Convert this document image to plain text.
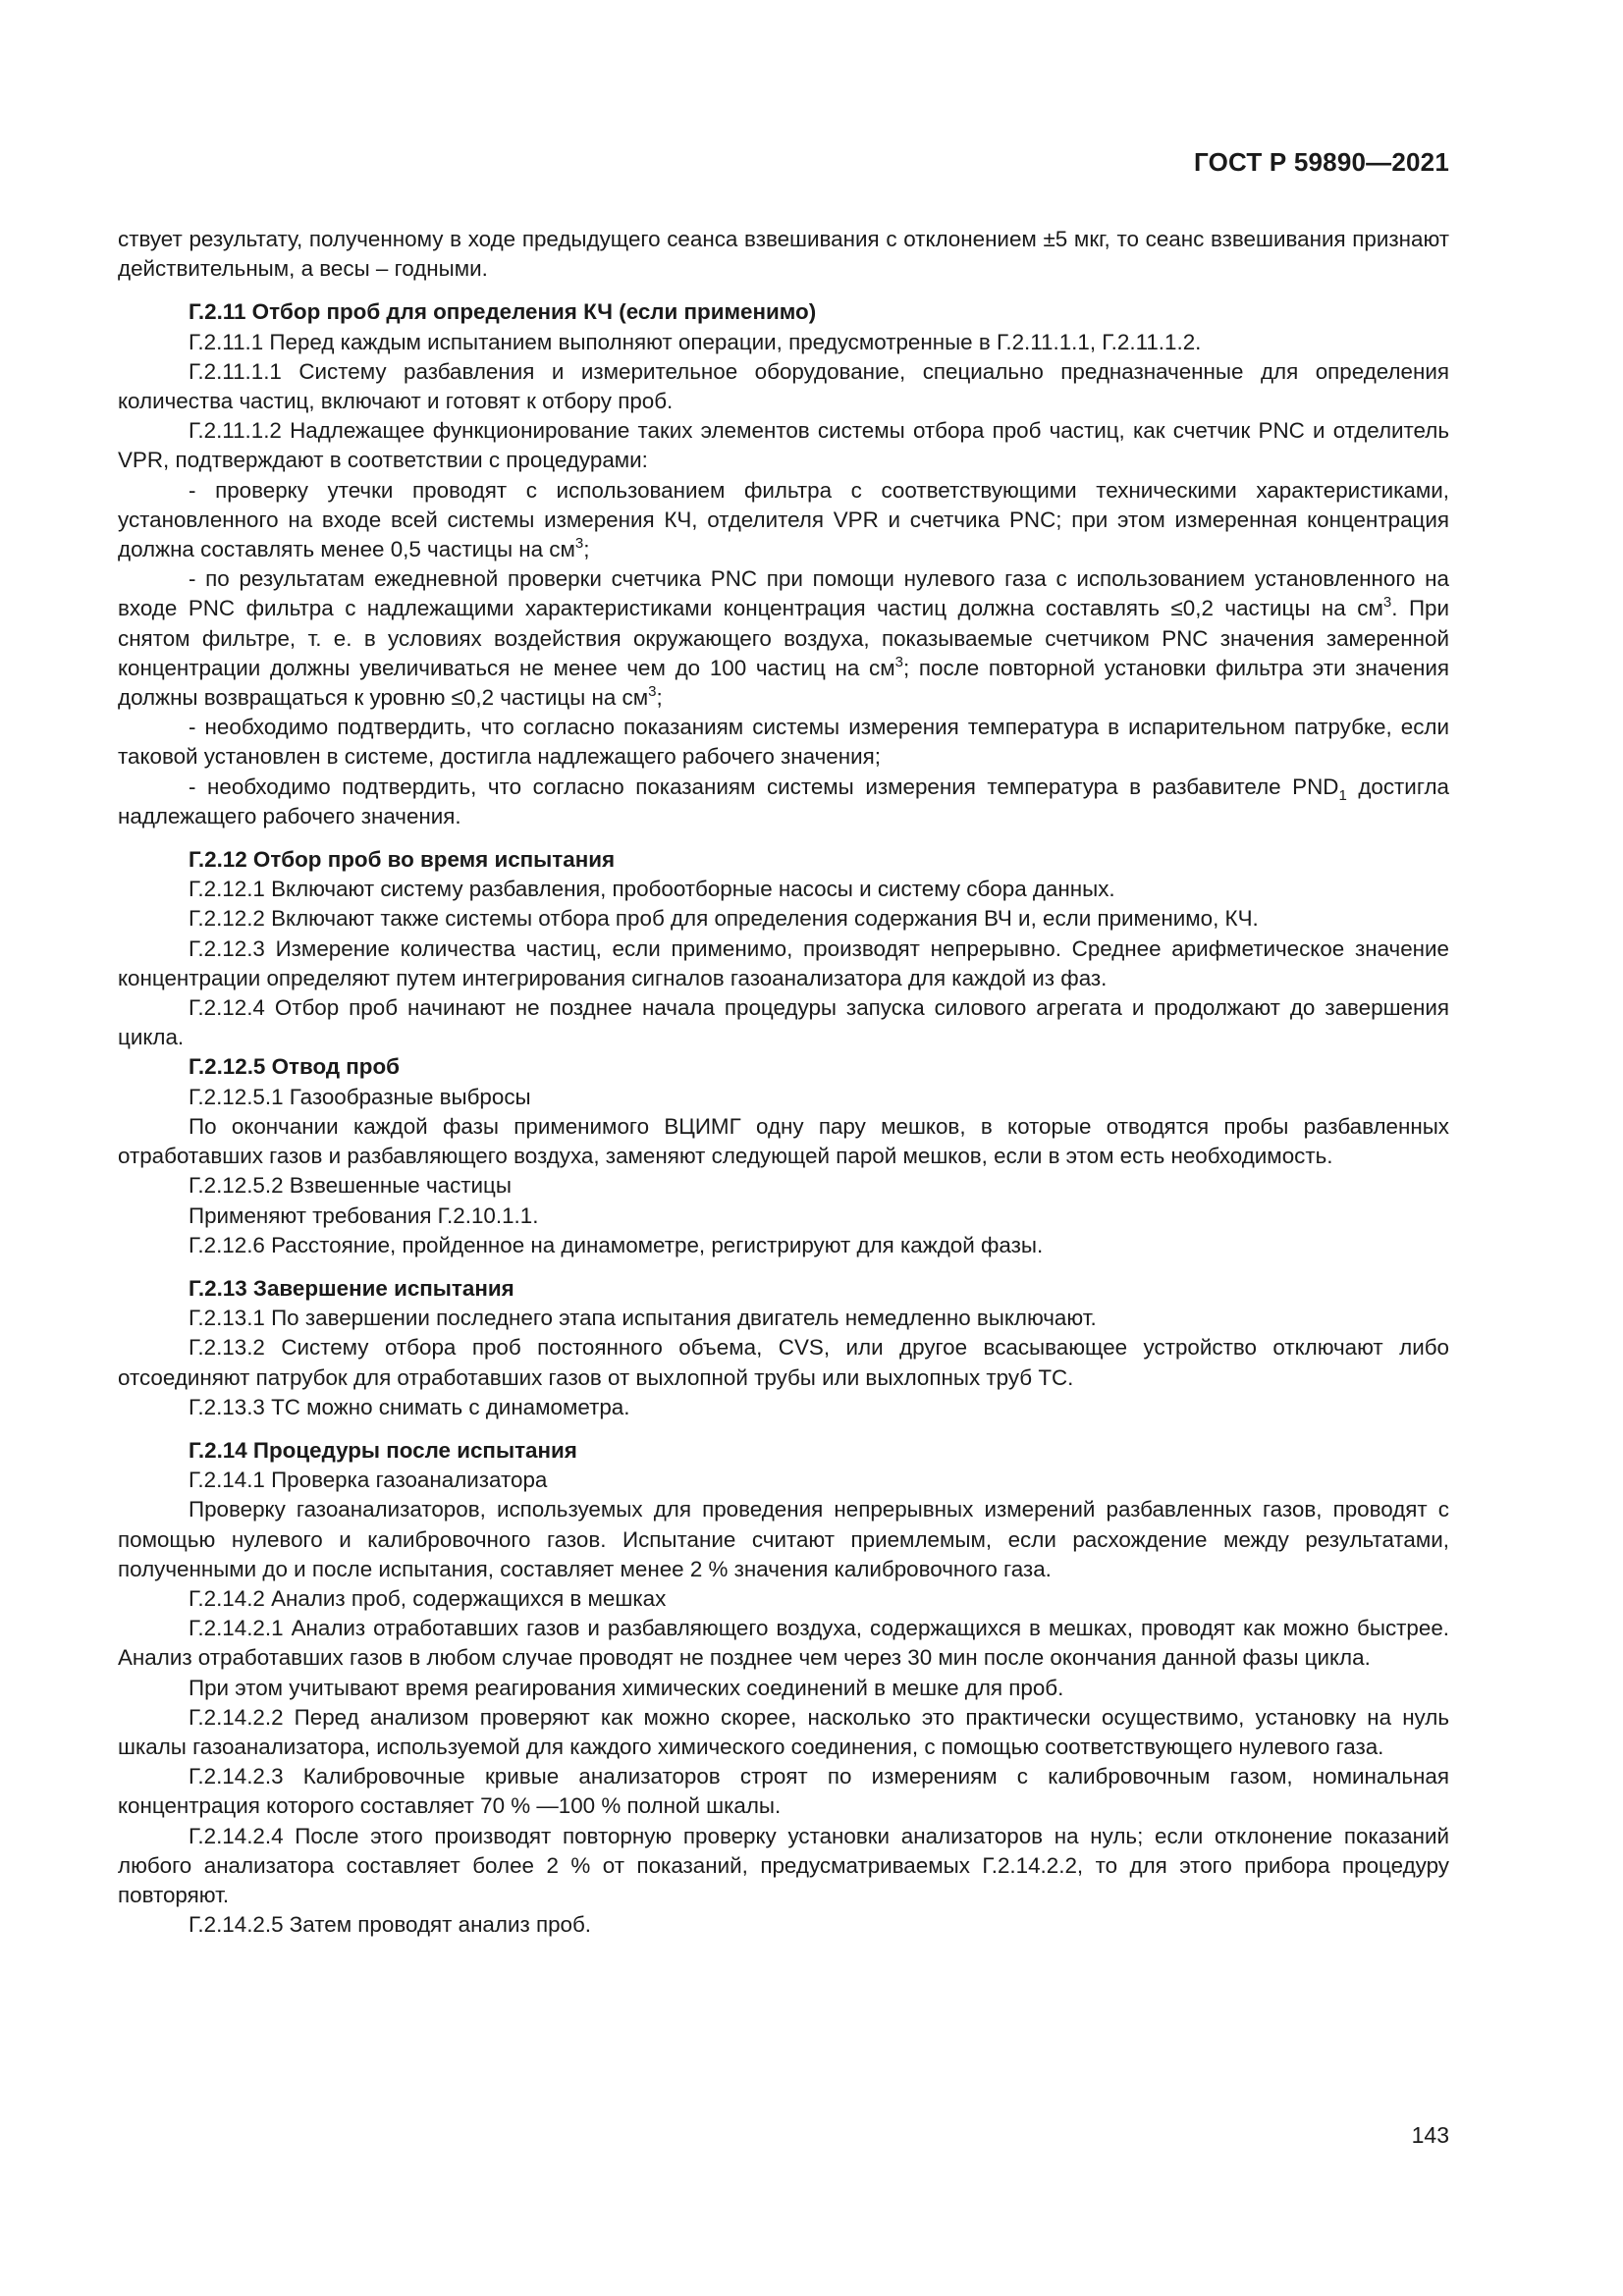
ГОСТ Р 59890—2021

ствует результату, полученному в ходе предыдущего сеанса взвешивания с отклонением ±5 мкг, то сеанс взвешивания признают действительным, а весы – годными.

Г.2.11 Отбор проб для определения КЧ (если применимо)

Г.2.11.1 Перед каждым испытанием выполняют операции, предусмотренные в Г.2.11.1.1, Г.2.11.1.2.

Г.2.11.1.1 Систему разбавления и измерительное оборудование, специально предназначенные для определения количества частиц, включают и готовят к отбору проб.

Г.2.11.1.2 Надлежащее функционирование таких элементов системы отбора проб частиц, как счетчик PNC и отделитель VPR, подтверждают в соответствии с процедурами:

- проверку утечки проводят с использованием фильтра с соответствующими техническими характеристиками, установленного на входе всей системы измерения КЧ, отделителя VPR и счетчика PNC; при этом измеренная концентрация должна составлять менее 0,5 частицы на $см^3$;

- по результатам ежедневной проверки счетчика PNC при помощи нулевого газа с использованием установленного на входе PNC фильтра с надлежащими характеристиками концентрация частиц должна составлять ≤0,2 частицы на $см^3$. При снятом фильтре, т. е. в условиях воздействия окружающего воздуха, показываемые счетчиком PNC значения замеренной концентрации должны увеличиваться не менее чем до 100 частиц на $см^3$; после повторной установки фильтра эти значения должны возвращаться к уровню ≤0,2 частицы на $см^3$;

- необходимо подтвердить, что согласно показаниям системы измерения температура в испарительном патрубке, если таковой установлен в системе, достигла надлежащего рабочего значения;

- необходимо подтвердить, что согласно показаниям системы измерения температура в разбавителе $PND_1$ достигла надлежащего рабочего значения.

Г.2.12 Отбор проб во время испытания

Г.2.12.1 Включают систему разбавления, пробоотборные насосы и систему сбора данных.

Г.2.12.2 Включают также системы отбора проб для определения содержания ВЧ и, если применимо, КЧ.

Г.2.12.3 Измерение количества частиц, если применимо, производят непрерывно. Среднее арифметическое значение концентрации определяют путем интегрирования сигналов газоанализатора для каждой из фаз.

Г.2.12.4 Отбор проб начинают не позднее начала процедуры запуска силового агрегата и продолжают до завершения цикла.

Г.2.12.5 Отвод проб

Г.2.12.5.1 Газообразные выбросы

По окончании каждой фазы применимого ВЦИМГ одну пару мешков, в которые отводятся пробы разбавленных отработавших газов и разбавляющего воздуха, заменяют следующей парой мешков, если в этом есть необходимость.

Г.2.12.5.2 Взвешенные частицы

Применяют требования Г.2.10.1.1.

Г.2.12.6 Расстояние, пройденное на динамометре, регистрируют для каждой фазы.

Г.2.13 Завершение испытания

Г.2.13.1 По завершении последнего этапа испытания двигатель немедленно выключают.

Г.2.13.2 Систему отбора проб постоянного объема, CVS, или другое всасывающее устройство отключают либо отсоединяют патрубок для отработавших газов от выхлопной трубы или выхлопных труб ТС.

Г.2.13.3 ТС можно снимать с динамометра.

Г.2.14 Процедуры после испытания

Г.2.14.1 Проверка газоанализатора

Проверку газоанализаторов, используемых для проведения непрерывных измерений разбавленных газов, проводят с помощью нулевого и калибровочного газов. Испытание считают приемлемым, если расхождение между результатами, полученными до и после испытания, составляет менее 2 % значения калибровочного газа.

Г.2.14.2 Анализ проб, содержащихся в мешках

Г.2.14.2.1 Анализ отработавших газов и разбавляющего воздуха, содержащихся в мешках, проводят как можно быстрее. Анализ отработавших газов в любом случае проводят не позднее чем через 30 мин после окончания данной фазы цикла.

При этом учитывают время реагирования химических соединений в мешке для проб.

Г.2.14.2.2 Перед анализом проверяют как можно скорее, насколько это практически осуществимо, установку на нуль шкалы газоанализатора, используемой для каждого химического соединения, с помощью соответствующего нулевого газа.

Г.2.14.2.3 Калибровочные кривые анализаторов строят по измерениям с калибровочным газом, номинальная концентрация которого составляет 70 % —100 % полной шкалы.

Г.2.14.2.4 После этого производят повторную проверку установки анализаторов на нуль; если отклонение показаний любого анализатора составляет более 2 % от показаний, предусматриваемых Г.2.14.2.2, то для этого прибора процедуру повторяют.

Г.2.14.2.5 Затем проводят анализ проб.

143
